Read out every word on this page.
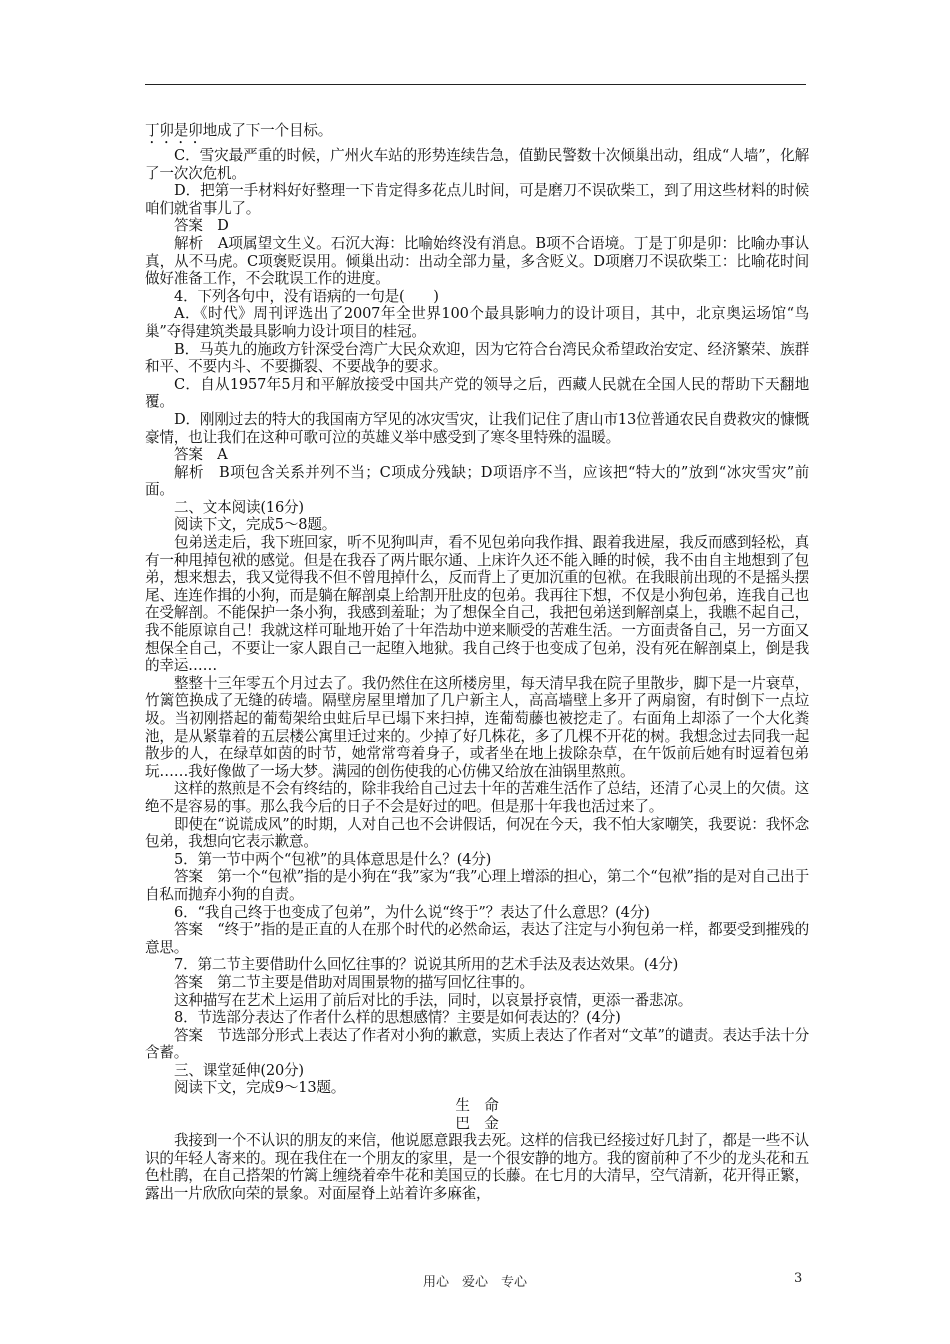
丁卯是卯地成了下一个目标。

C．雪灾最严重的时候，广州火车站的形势连续告急，值勤民警数十次倾巢出动，组成“人墙”，化解了一次次危机。

D．把第一手材料好好整理一下肯定得多花点儿时间，可是磨刀不误砍柴工，到了用这些材料的时候咱们就省事儿了。

答案　D

解析　A项属望文生义。石沉大海：比喻始终没有消息。B项不合语境。丁是丁卯是卯：比喻办事认真，从不马虎。C项褒贬误用。倾巢出动：出动全部力量，多含贬义。D项磨刀不误砍柴工：比喻花时间做好准备工作，不会耽误工作的进度。

4．下列各句中，没有语病的一句是(　　)

A．《时代》周刊评选出了2007年全世界100个最具影响力的设计项目，其中，北京奥运场馆“鸟巢”夺得建筑类最具影响力设计项目的桂冠。

B．马英九的施政方针深受台湾广大民众欢迎，因为它符合台湾民众希望政治安定、经济繁荣、族群和平、不要内斗、不要撕裂、不要战争的要求。

C．自从1957年5月和平解放接受中国共产党的领导之后，西藏人民就在全国人民的帮助下天翻地覆。

D．刚刚过去的特大的我国南方罕见的冰灾雪灾，让我们记住了唐山市13位普通农民自费救灾的慷慨豪情，也让我们在这种可歌可泣的英雄义举中感受到了寒冬里特殊的温暖。

答案　A

解析　B项包含关系并列不当；C项成分残缺；D项语序不当，应该把“特大的”放到“冰灾雪灾”前面。

二、文本阅读(16分)

阅读下文，完成5～8题。

包弟送走后，我下班回家，听不见狗叫声，看不见包弟向我作揖、跟着我进屋，我反而感到轻松，真有一种甩掉包袱的感觉。但是在我吞了两片眠尔通、上床许久还不能入睡的时候，我不由自主地想到了包弟，想来想去，我又觉得我不但不曾甩掉什么，反而背上了更加沉重的包袱。在我眼前出现的不是摇头摆尾、连连作揖的小狗，而是躺在解剖桌上给割开肚皮的包弟。我再往下想，不仅是小狗包弟，连我自己也在受解剖。不能保护一条小狗，我感到羞耻；为了想保全自己，我把包弟送到解剖桌上，我瞧不起自己，我不能原谅自己！我就这样可耻地开始了十年浩劫中逆来顺受的苦难生活。一方面责备自己，另一方面又想保全自己，不要让一家人跟自己一起堕入地狱。我自己终于也变成了包弟，没有死在解剖桌上，倒是我的幸运……

整整十三年零五个月过去了。我仍然住在这所楼房里，每天清早我在院子里散步，脚下是一片衰草，竹篱笆换成了无缝的砖墙。隔壁房屋里增加了几户新主人，高高墙壁上多开了两扇窗，有时倒下一点垃圾。当初刚搭起的葡萄架给虫蛀后早已塌下来扫掉，连葡萄藤也被挖走了。右面角上却添了一个大化粪池，是从紧靠着的五层楼公寓里迁过来的。少掉了好几株花，多了几棵不开花的树。我想念过去同我一起散步的人，在绿草如茵的时节，她常常弯着身子，或者坐在地上拔除杂草，在午饭前后她有时逗着包弟玩……我好像做了一场大梦。满园的创伤使我的心仿佛又给放在油锅里熬煎。

这样的熬煎是不会有终结的，除非我给自己过去十年的苦难生活作了总结，还清了心灵上的欠债。这绝不是容易的事。那么我今后的日子不会是好过的吧。但是那十年我也活过来了。

即使在“说谎成风”的时期，人对自己也不会讲假话，何况在今天，我不怕大家嘲笑，我要说：我怀念包弟，我想向它表示歉意。

5．第一节中两个“包袱”的具体意思是什么？(4分)

答案　第一个“包袱”指的是小狗在“我”家为“我”心理上增添的担心，第二个“包袱”指的是对自己出于自私而抛弃小狗的自责。

6．“我自己终于也变成了包弟”，为什么说“终于”？表达了什么意思？(4分)

答案　“终于”指的是正直的人在那个时代的必然命运，表达了注定与小狗包弟一样，都要受到摧残的意思。

7．第二节主要借助什么回忆往事的？说说其所用的艺术手法及表达效果。(4分)

答案　第二节主要是借助对周围景物的描写回忆往事的。

这种描写在艺术上运用了前后对比的手法，同时，以哀景抒哀情，更添一番悲凉。

8．节选部分表达了作者什么样的思想感情？主要是如何表达的？(4分)

答案　节选部分形式上表达了作者对小狗的歉意，实质上表达了作者对“文革”的谴责。表达手法十分含蓄。

三、课堂延伸(20分)

阅读下文，完成9～13题。

生　命

巴　金

我接到一个不认识的朋友的来信，他说愿意跟我去死。这样的信我已经接过好几封了，都是一些不认识的年轻人寄来的。现在我住在一个朋友的家里，是一个很安静的地方。我的窗前种了不少的龙头花和五色杜鹃，在自己搭架的竹篱上缠绕着牵牛花和美国豆的长藤。在七月的大清早，空气清新，花开得正繁，露出一片欣欣向荣的景象。对面屋脊上站着许多麻雀，

用心　爱心　专心	3
